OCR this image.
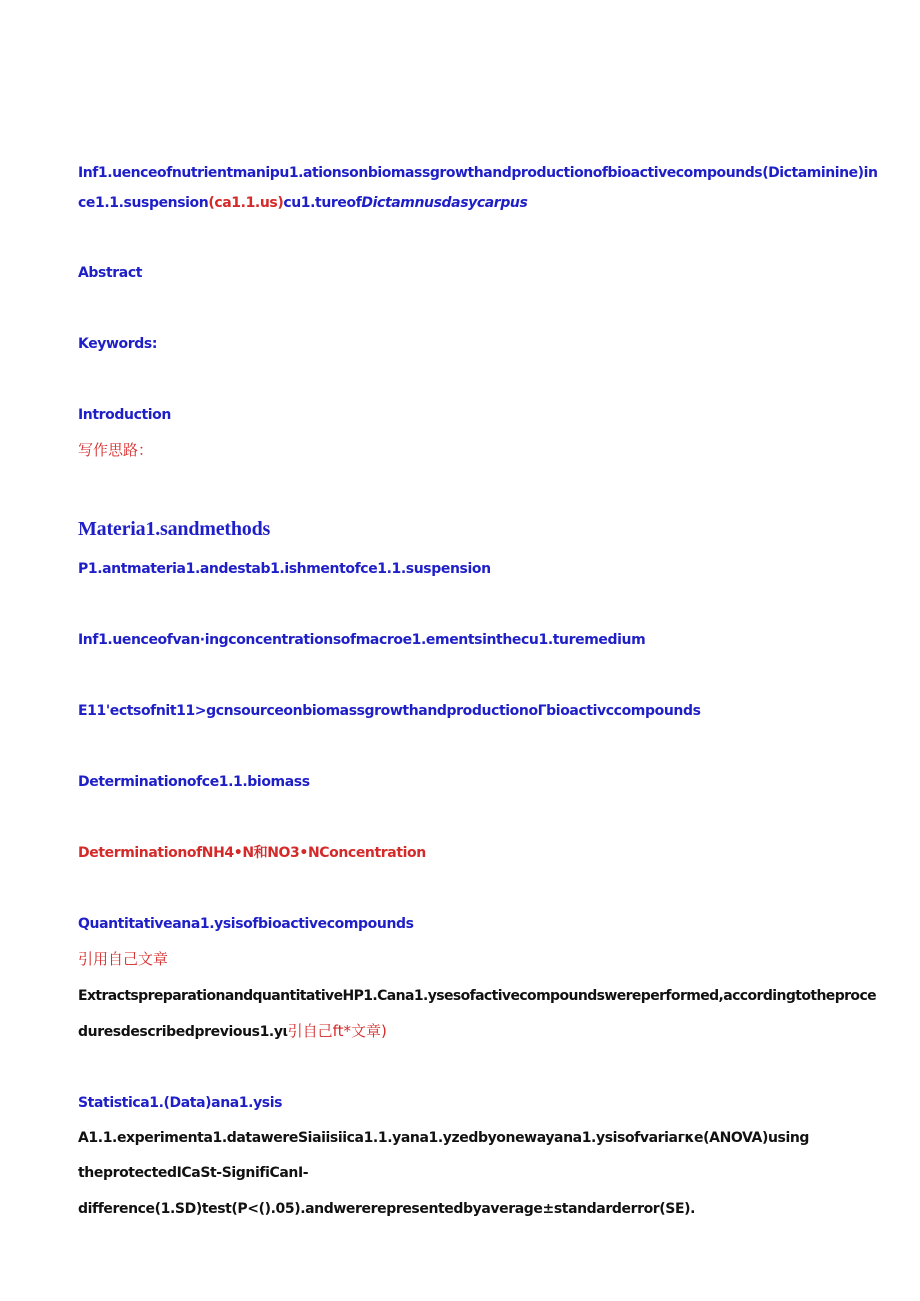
Inf1.uenceofnutrientmanipu1.ationsonbiomassgrowthandproductionofbioactivecompounds(Dictaminine)in
ce1.1.suspension(ca1.1.us)cu1.tureofDictamnusdasycarpus
Abstract
Keywords:
Introduction
写作思路：
Materia1.sandmethods
P1.antmateria1.andestab1.ishmentofce1.1.suspension
Inf1.uenceofvan·ingconcentrationsofmacroe1.ementsinthecu1.turemedium
E11'ectsofnit11>gcnsourceonbiomassgrowthandproductionoΓbioactivccompounds
Determinationofce1.1.biomass
DeterminationofNH4•N和NO3•NConcentration
Quantitativeana1.ysisofbioactivecompounds
引用自己文章
ExtractspreparationandquantitativeHP1.Cana1.ysesofactivecompoundswereperformed,accordingtotheproce
duresdescribedprevious1.yι引自己ft*文章)
Statistica1.(Data)ana1.ysis
A1.1.experimenta1.datawereSiaiisiica1.1.yana1.yzedbyonewayana1.ysisofvariaгκe(ANOVA)using
theprotectedICaSt-SignifiCanI-
difference(1.SD)test(P<().05).andwererepresentedbyaverage±standarderror(SE).
